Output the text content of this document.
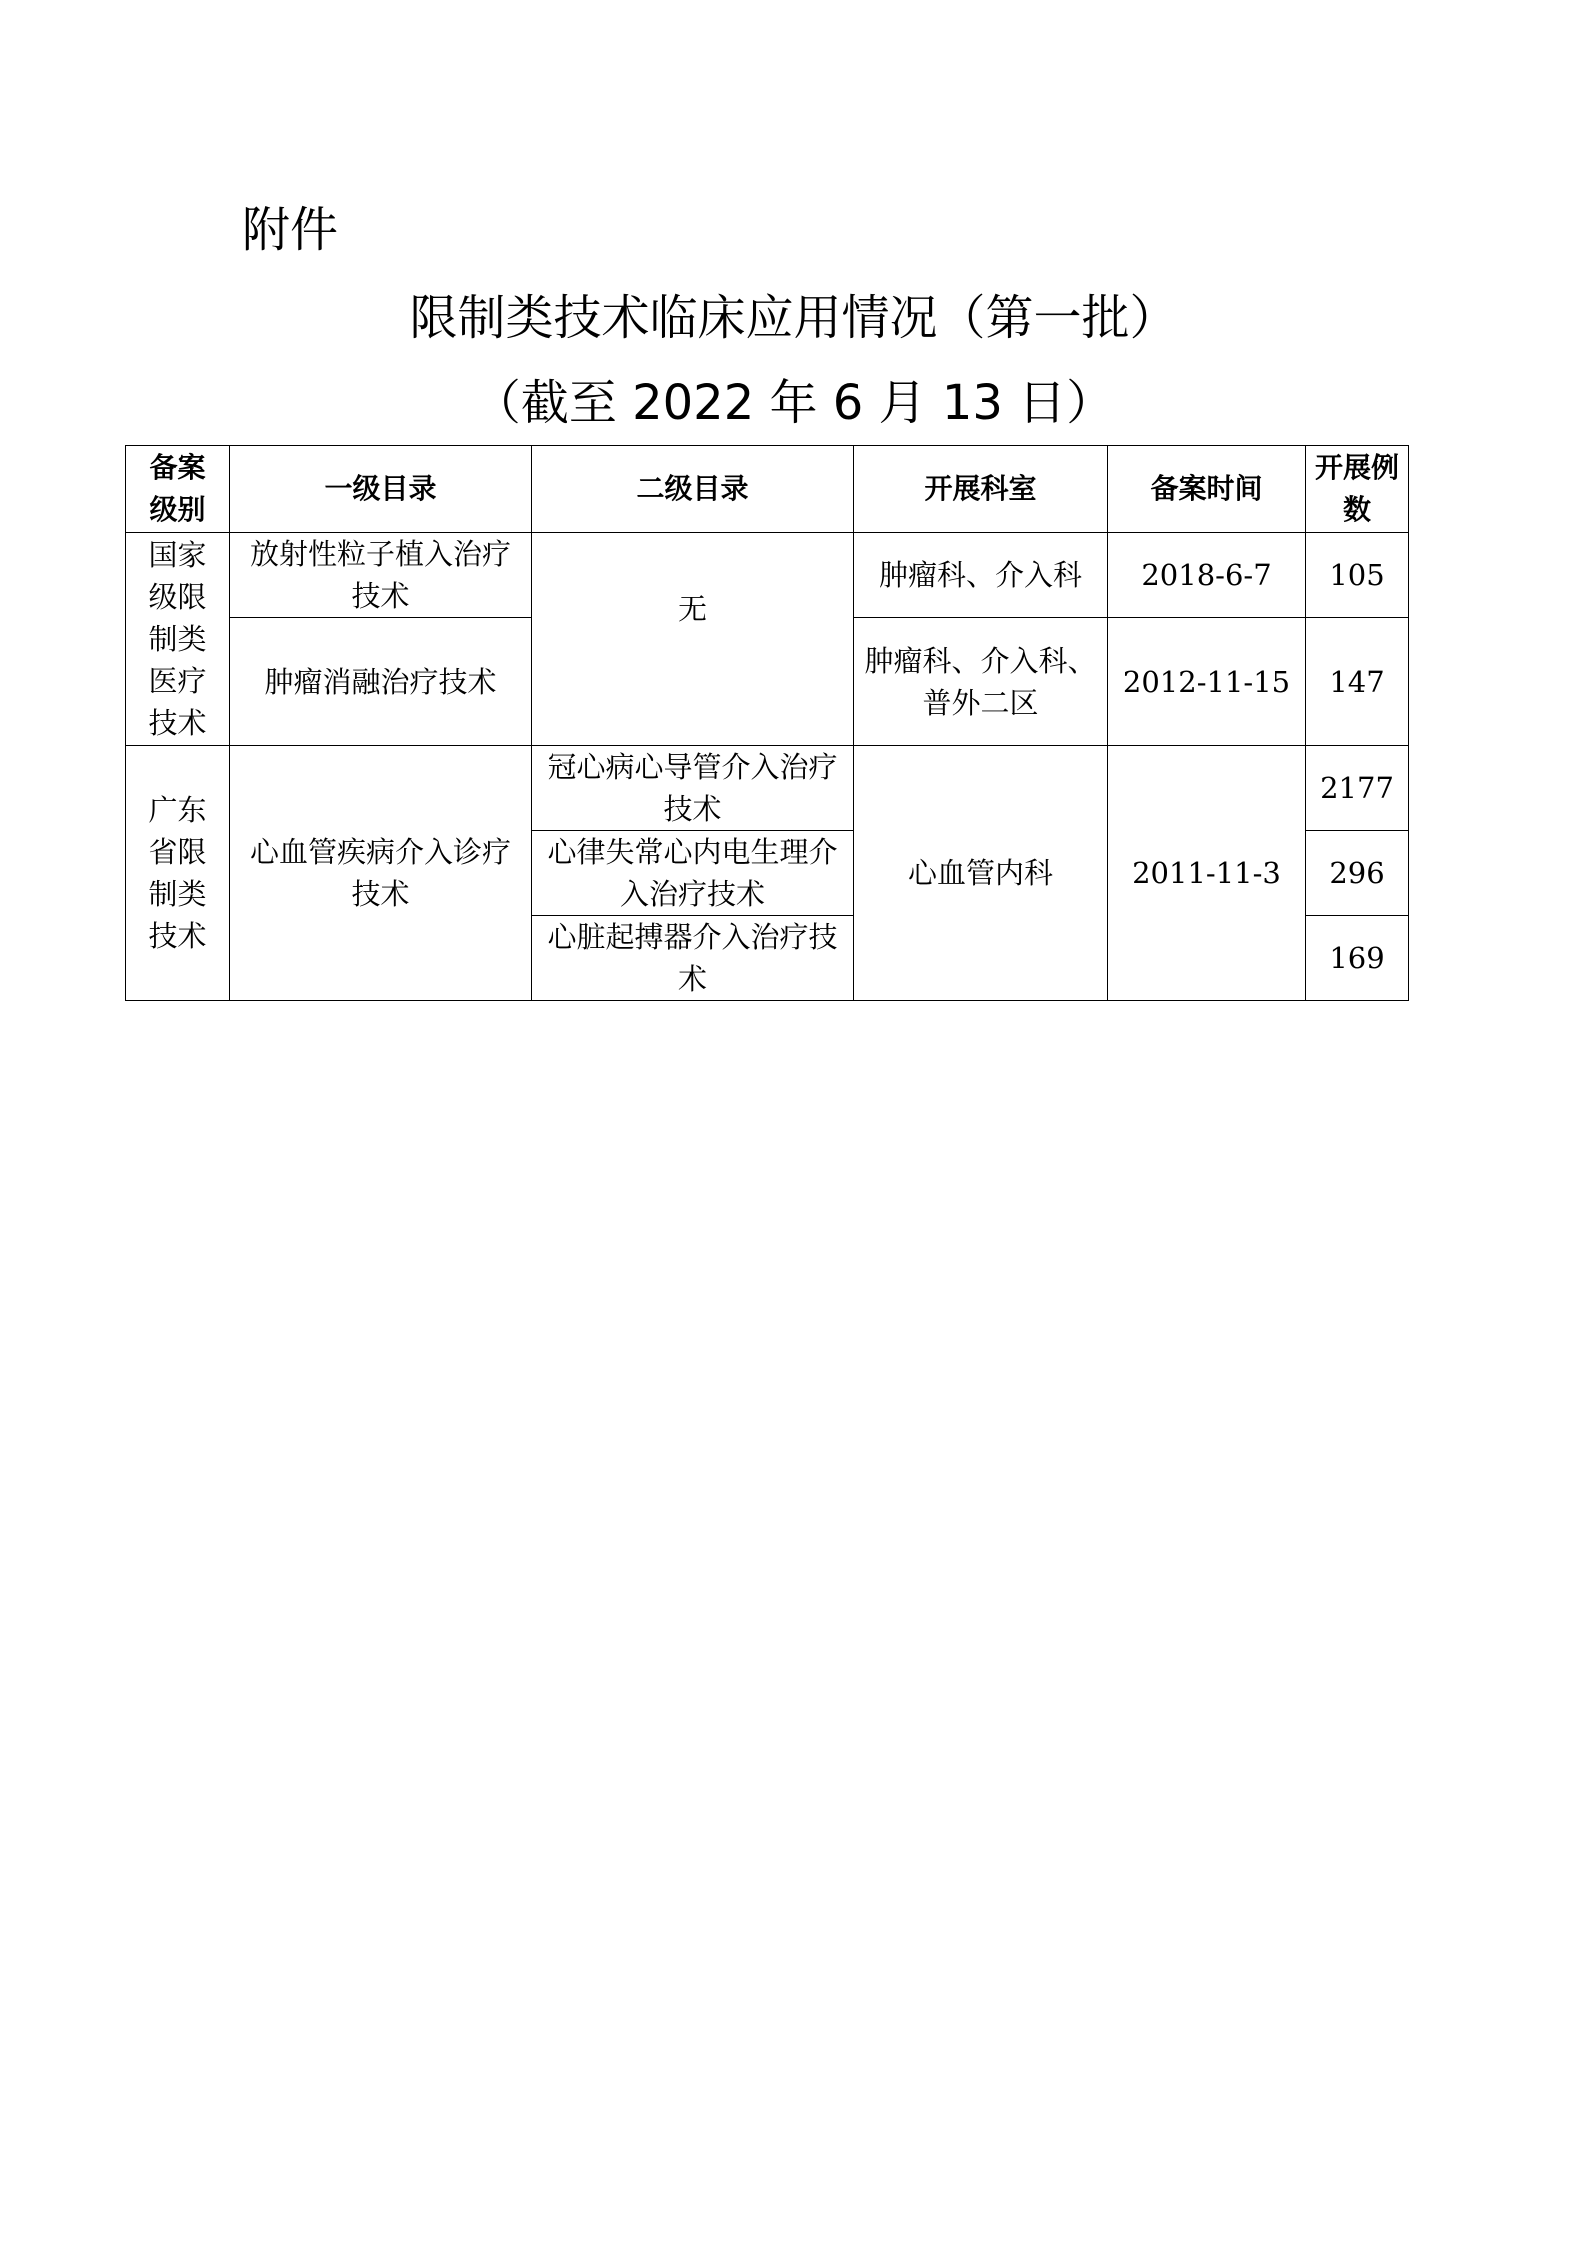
附件
限制类技术临床应用情况（第一批）
（截至 2022 年 6 月 13 日）
备案级别	一级目录	二级目录	开展科室	备案时间	开展例数
国家级限制类医疗技术	放射性粒子植入治疗技术	无	肿瘤科、介入科	2018-6-7	105
	肿瘤消融治疗技术		肿瘤科、介入科、普外二区	2012-11-15	147
广东省限制类技术	心血管疾病介入诊疗技术	冠心病心导管介入治疗技术	心血管内科	2011-11-3	2177
		心律失常心内电生理介入治疗技术			296
		心脏起搏器介入治疗技术			169
